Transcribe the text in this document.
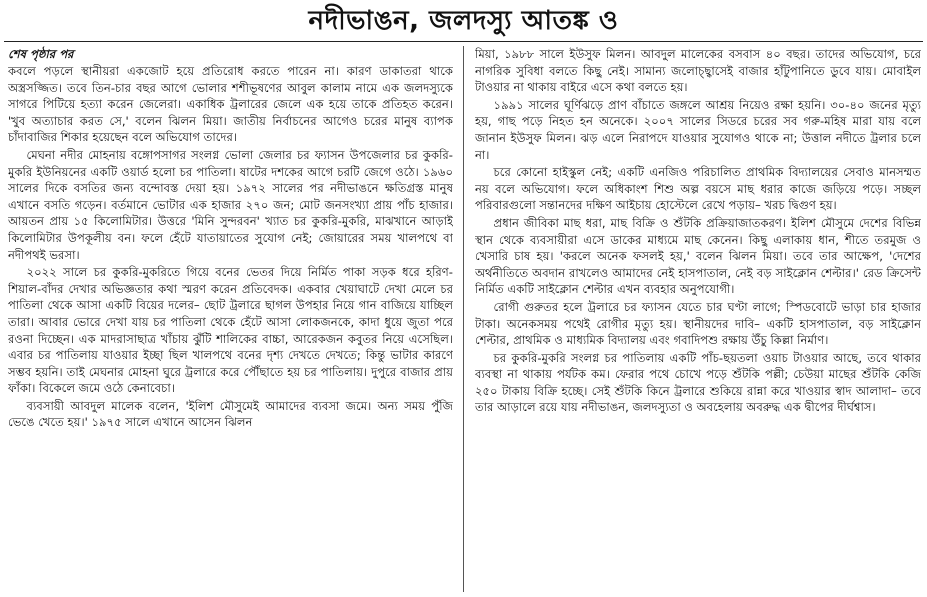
নদীভাঙন, জলদস্যু আতঙ্ক ও
শেষ পৃষ্ঠার পর

কবলে পড়লে স্থানীয়রা একজোট হয়ে প্রতিরোধ করতে পারেন না। কারণ ডাকাতরা থাকে অস্ত্রসজ্জিত। তবে তিন-চার বছর আগে ভোলার শশীভূষণের আবুল কালাম নামে এক জলদস্যুকে সাগরে পিটিয়ে হত্যা করেন জেলেরা। একাধিক ট্রলারের জেলে এক হয়ে তাকে প্রতিহত করেন। 'খুব অত্যাচার করত সে,' বলেন ঝিলন মিয়া। জাতীয় নির্বাচনের আগেও চরের মানুষ ব্যাপক চাঁদাবাজির শিকার হয়েছেন বলে অভিযোগ তাদের।

মেঘনা নদীর মোহনায় বঙ্গোপসাগর সংলগ্ন ভোলা জেলার চর ফ্যাসন উপজেলার চর কুকরি-মুকরি ইউনিয়নের একটি ওয়ার্ড হলো চর পাতিলা। ষাটের দশকের আগে চরটি জেগে ওঠে। ১৯৬০ সালের দিকে বসতির জন্য বন্দোবস্ত দেয়া হয়। ১৯৭২ সালের পর নদীভাঙনে ক্ষতিগ্রস্ত মানুষ এখানে বসতি গড়েন। বর্তমানে ভোটার এক হাজার ২৭০ জন; মোট জনসংখ্যা প্রায় পাঁচ হাজার। আয়তন প্রায় ১৫ কিলোমিটার। উত্তরে 'মিনি সুন্দরবন' খ্যাত চর কুকরি-মুকরি, মাঝখানে আড়াই কিলোমিটার উপকূলীয় বন। ফলে হেঁটে যাতায়াতের সুযোগ নেই; জোয়ারের সময় খালপথে বা নদীপথই ভরসা।

২০২২ সালে চর কুকরি-মুকরিতে গিয়ে বনের ভেতর দিয়ে নির্মিত পাকা সড়ক ধরে হরিণ-শিয়াল-বাঁদর দেখার অভিজ্ঞতার কথা স্মরণ করেন প্রতিবেদক। একবার খেয়াঘাটে দেখা মেলে চর পাতিলা থেকে আসা একটি বিয়ের দলের– ছোট ট্রলারে ছাগল উপহার নিয়ে গান বাজিয়ে যাচ্ছিল তারা। আবার ভোরে দেখা যায় চর পাতিলা থেকে হেঁটে আসা লোকজনকে, কাদা ধুয়ে জুতা পরে রওনা দিচ্ছেন। এক মাদরাসাছাত্র খাঁচায় ঝুঁটি শালিকের বাচ্চা, আরেকজন কবুতর নিয়ে এসেছিল। এবার চর পাতিলায় যাওয়ার ইচ্ছা ছিল খালপথে বনের দৃশ্য দেখতে দেখতে; কিন্তু ভাটার কারণে সম্ভব হয়নি। তাই মেঘনার মোহনা ঘুরে ট্রলারে করে পৌঁছাতে হয় চর পাতিলায়। দুপুরে বাজার প্রায় ফাঁকা। বিকেলে জমে ওঠে কেনাবেচা।

ব্যবসায়ী আবদুল মালেক বলেন, 'ইলিশ মৌসুমেই আমাদের ব্যবসা জমে। অন্য সময় পুঁজি ভেঙে খেতে হয়।' ১৯৭৫ সালে এখানে আসেন ঝিলন

মিয়া, ১৯৮৮ সালে ইউসুফ মিলন। আবদুল মালেকের বসবাস ৪০ বছর। তাদের অভিযোগ, চরে নাগরিক সুবিধা বলতে কিছু নেই। সামান্য জলোচ্ছ্বাসেই বাজার হাঁটুপানিতে ডুবে যায়। মোবাইল টাওয়ার না থাকায় বাইরে এসে কথা বলতে হয়।

১৯৯১ সালের ঘূর্ণিঝড়ে প্রাণ বাঁচাতে জঙ্গলে আশ্রয় নিয়েও রক্ষা হয়নি। ৩০-৪০ জনের মৃত্যু হয়, গাছ পড়ে নিহত হন অনেকে। ২০০৭ সালের সিডরে চরের সব গরু-মহিষ মারা যায় বলে জানান ইউসুফ মিলন। ঝড় এলে নিরাপদে যাওয়ার সুযোগও থাকে না; উত্তাল নদীতে ট্রলার চলে না।

চরে কোনো হাইস্কুল নেই; একটি এনজিও পরিচালিত প্রাথমিক বিদ্যালয়ের সেবাও মানসম্মত নয় বলে অভিযোগ। ফলে অধিকাংশ শিশু অল্প বয়সে মাছ ধরার কাজে জড়িয়ে পড়ে। সচ্ছল পরিবারগুলো সন্তানদের দক্ষিণ আইচায় হোস্টেলে রেখে পড়ায়– খরচ দ্বিগুণ হয়।

প্রধান জীবিকা মাছ ধরা, মাছ বিক্রি ও শুঁটকি প্রক্রিয়াজাতকরণ। ইলিশ মৌসুমে দেশের বিভিন্ন স্থান থেকে ব্যবসায়ীরা এসে ডাকের মাধ্যমে মাছ কেনেন। কিছু এলাকায় ধান, শীতে তরমুজ ও খেসারি চাষ হয়। 'করলে অনেক ফসলই হয়,' বলেন ঝিলন মিয়া। তবে তার আক্ষেপ, 'দেশের অর্থনীতিতে অবদান রাখলেও আমাদের নেই হাসপাতাল, নেই বড় সাইক্লোন শেল্টার।' রেড ক্রিসেন্ট নির্মিত একটি সাইক্লোন শেল্টার এখন ব্যবহার অনুপযোগী।

রোগী গুরুতর হলে ট্রলারে চর ফ্যাসন যেতে চার ঘণ্টা লাগে; স্পিডবোটে ভাড়া চার হাজার টাকা। অনেকসময় পথেই রোগীর মৃত্যু হয়। স্থানীয়দের দাবি– একটি হাসপাতাল, বড় সাইক্লোন শেল্টার, প্রাথমিক ও মাধ্যমিক বিদ্যালয় এবং গবাদিপশু রক্ষায় উঁচু কিল্লা নির্মাণ।

চর কুকরি-মুকরি সংলগ্ন চর পাতিলায় একটি পাঁচ-ছয়তলা ওয়াচ টাওয়ার আছে, তবে থাকার ব্যবস্থা না থাকায় পর্যটক কম। ফেরার পথে চোখে পড়ে শুঁটকি পল্লী; চেউয়া মাছের শুঁটকি কেজি ২৫০ টাকায় বিক্রি হচ্ছে। সেই শুঁটকি কিনে ট্রলারে শুকিয়ে রান্না করে খাওয়ার স্বাদ আলাদা– তবে তার আড়ালে রয়ে যায় নদীভাঙন, জলদস্যুতা ও অবহেলায় অবরুদ্ধ এক দ্বীপের দীর্ঘশ্বাস।
